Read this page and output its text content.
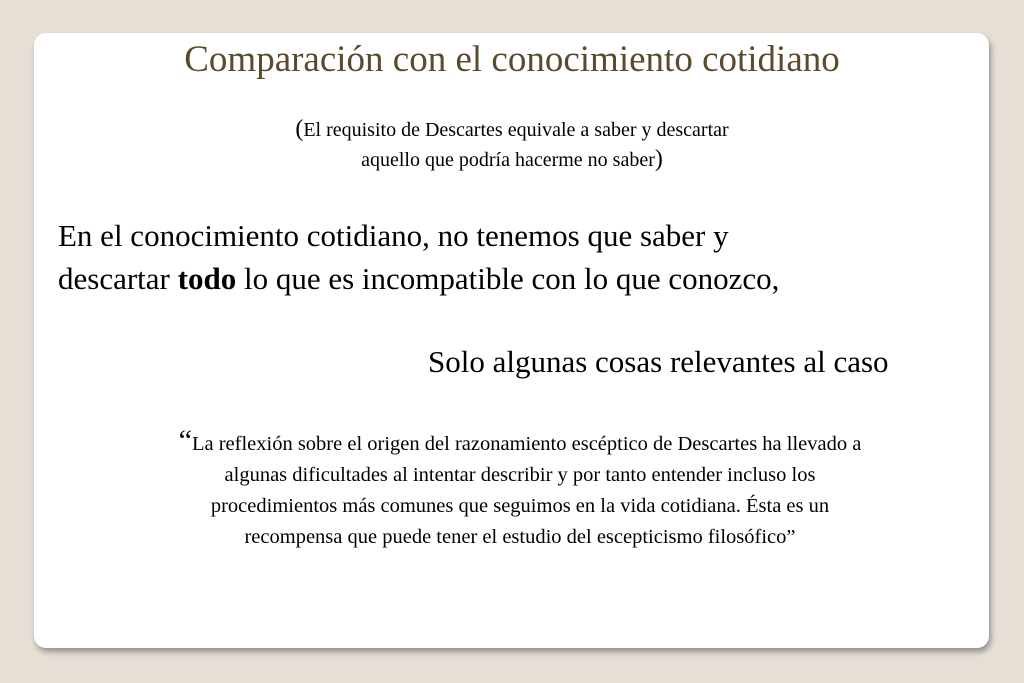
Comparación con el conocimiento cotidiano
(El requisito de Descartes equivale a saber y descartar
aquello que podría hacerme no saber)
En el conocimiento cotidiano, no tenemos que saber y
descartar todo lo que es incompatible con lo que conozco,
Solo algunas cosas relevantes al caso
“La reflexión sobre el origen del razonamiento escéptico de Descartes ha llevado a
algunas dificultades al intentar describir y por tanto entender incluso los
procedimientos más comunes que seguimos en la vida cotidiana. Ésta es un
recompensa que puede tener el estudio del escepticismo filosófico”
